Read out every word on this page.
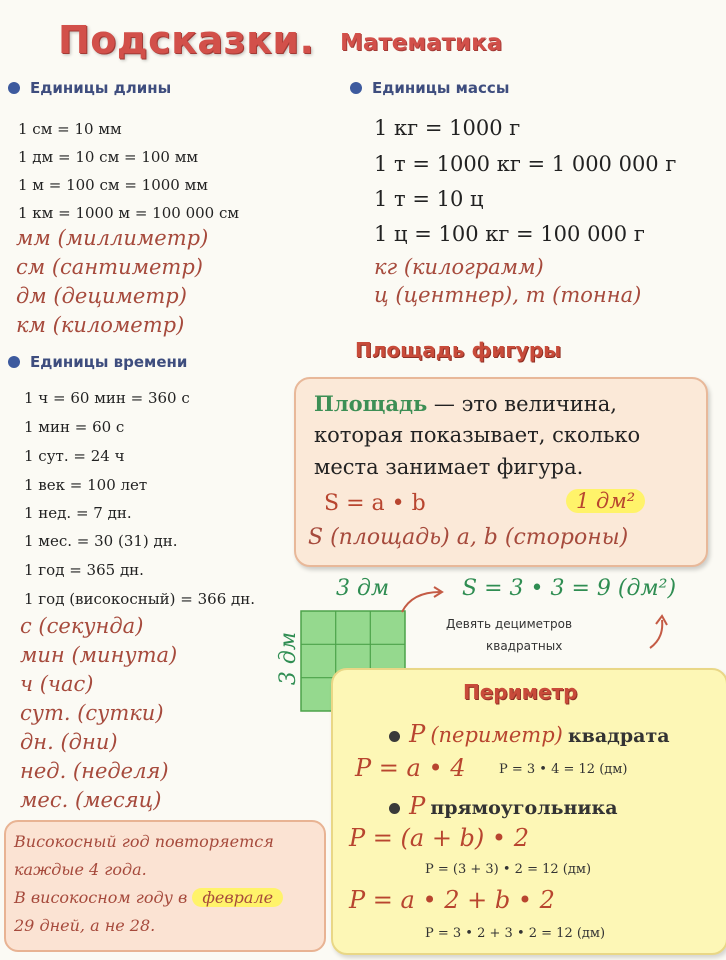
Подсказки. Математика
Единицы длины
1 см = 10 мм
1 дм = 10 см = 100 мм
1 м = 100 см = 1000 мм
1 км = 1000 м = 100 000 см
мм (миллиметр)
см (сантиметр)
дм (дециметр)
км (километр)
Единицы массы
1 кг = 1000 г
1 т = 1000 кг = 1 000 000 г
1 т = 10 ц
1 ц = 100 кг = 100 000 г
кг (килограмм)
ц (центнер), т (тонна)
Единицы времени
1 ч = 60 мин = 360 с
1 мин = 60 с
1 сут. = 24 ч
1 век = 100 лет
1 нед. = 7 дн.
1 мес. = 30 (31) дн.
1 год = 365 дн.
1 год (високосный) = 366 дн.
с (секунда)
мин (минута)
ч (час)
сут. (сутки)
дн. (дни)
нед. (неделя)
мес. (месяц)
Високосный год повторяется
каждые 4 года.
В високосном году в феврале
29 дней, а не 28.
Площадь фигуры
Площадь — это величина,
которая показывает, сколько
места занимает фигура.
S = a • b	1 дм²
S (площадь) a, b (стороны)
3 дм
3 дм
S = 3 • 3 = 9 (дм²)
Девять дециметров
квадратных
Периметр
P (периметр) квадрата
P = a • 4	P = 3 • 4 = 12 (дм)
P прямоугольника
P = (a + b) • 2
P = (3 + 3) • 2 = 12 (дм)
P = a • 2 + b • 2
P = 3 • 2 + 3 • 2 = 12 (дм)
